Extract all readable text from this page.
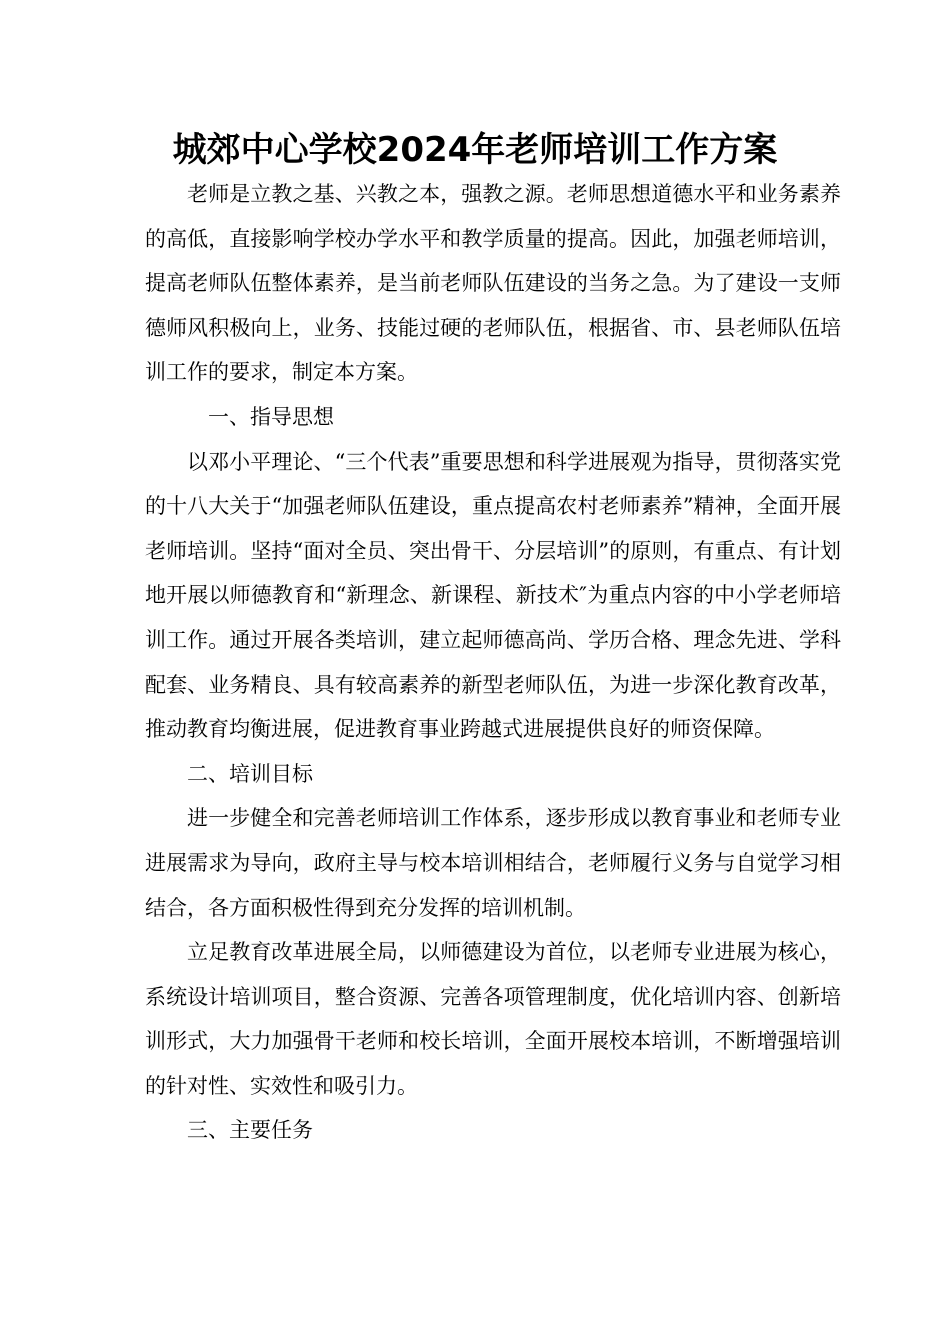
城郊中心学校2024年老师培训工作方案

老师是立教之基、兴教之本，强教之源。老师思想道德水平和业务素养的高低，直接影响学校办学水平和教学质量的提高。因此，加强老师培训，提高老师队伍整体素养，是当前老师队伍建设的当务之急。为了建设一支师德师风积极向上，业务、技能过硬的老师队伍，根据省、市、县老师队伍培训工作的要求，制定本方案。

一、指导思想

以邓小平理论、“三个代表”重要思想和科学进展观为指导，贯彻落实党的十八大关于“加强老师队伍建设，重点提高农村老师素养”精神，全面开展老师培训。坚持“面对全员、突出骨干、分层培训”的原则，有重点、有计划地开展以师德教育和“新理念、新课程、新技术″为重点内容的中小学老师培训工作。通过开展各类培训，建立起师德高尚、学历合格、理念先进、学科配套、业务精良、具有较高素养的新型老师队伍，为进一步深化教育改革，推动教育均衡进展，促进教育事业跨越式进展提供良好的师资保障。

二、培训目标

进一步健全和完善老师培训工作体系，逐步形成以教育事业和老师专业进展需求为导向，政府主导与校本培训相结合，老师履行义务与自觉学习相结合，各方面积极性得到充分发挥的培训机制。

立足教育改革进展全局，以师德建设为首位，以老师专业进展为核心，系统设计培训项目，整合资源、完善各项管理制度，优化培训内容、创新培训形式，大力加强骨干老师和校长培训，全面开展校本培训，不断增强培训的针对性、实效性和吸引力。

三、主要任务
